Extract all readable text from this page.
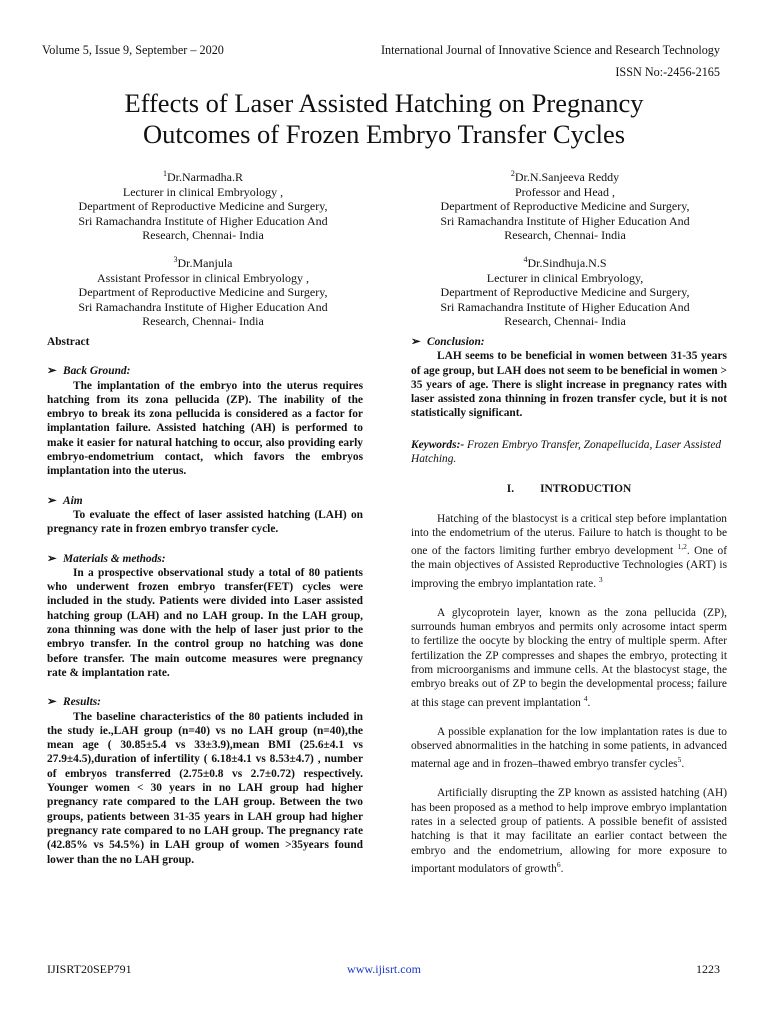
Volume 5, Issue 9, September – 2020	International Journal of Innovative Science and Research Technology
ISSN No:-2456-2165
Effects of Laser Assisted Hatching on Pregnancy
Outcomes of Frozen Embryo Transfer Cycles
$^1$Dr.Narmadha.R
Lecturer in clinical Embryology ,
Department of Reproductive Medicine and Surgery,
Sri Ramachandra Institute of Higher Education And
Research, Chennai- India
$^2$Dr.N.Sanjeeva Reddy
Professor and Head ,
Department of Reproductive Medicine and Surgery,
Sri Ramachandra Institute of Higher Education And
Research, Chennai- India
$^3$Dr.Manjula
Assistant Professor in clinical Embryology ,
Department of Reproductive Medicine and Surgery,
Sri Ramachandra Institute of Higher Education And
Research, Chennai- India
$^4$Dr.Sindhuja.N.S
Lecturer in clinical Embryology,
Department of Reproductive Medicine and Surgery,
Sri Ramachandra Institute of Higher Education And
Research, Chennai- India

Abstract

➢ Back Ground:

The implantation of the embryo into the uterus requires hatching from its zona pellucida (ZP). The inability of the embryo to break its zona pellucida is considered as a factor for implantation failure. Assisted hatching (AH) is performed to make it easier for natural hatching to occur, also providing early embryo-endometrium contact, which favors the embryos implantation into the uterus.

➢ Aim

To evaluate the effect of laser assisted hatching (LAH) on pregnancy rate in frozen embryo transfer cycle.

➢ Materials & methods:

In a prospective observational study a total of 80 patients who underwent frozen embryo transfer(FET) cycles were included in the study. Patients were divided into Laser assisted hatching group (LAH) and no LAH group. In the LAH group, zona thinning was done with the help of laser just prior to the embryo transfer. In the control group no hatching was done before transfer. The main outcome measures were pregnancy rate & implantation rate.

➢ Results:

The baseline characteristics of the 80 patients included in the study ie.,LAH group (n=40) vs no LAH group (n=40),the mean age ( 30.85±5.4 vs 33±3.9),mean BMI (25.6±4.1 vs 27.9±4.5),duration of infertility ( 6.18±4.1 vs 8.53±4.7) , number of embryos transferred (2.75±0.8 vs 2.7±0.72) respectively. Younger women < 30 years in no LAH group had higher pregnancy rate compared to the LAH group. Between the two groups, patients between 31-35 years in LAH group had higher pregnancy rate compared to no LAH group. The pregnancy rate (42.85% vs 54.5%) in LAH group of women >35years found lower than the no LAH group.

➢ Conclusion:

LAH seems to be beneficial in women between 31-35 years of age group, but LAH does not seem to be beneficial in women > 35 years of age. There is slight increase in pregnancy rates with laser assisted zona thinning in frozen transfer cycle, but it is not statistically significant.

Keywords:- Frozen Embryo Transfer, Zonapellucida, Laser Assisted Hatching.

I. INTRODUCTION

Hatching of the blastocyst is a critical step before implantation into the endometrium of the uterus. Failure to hatch is thought to be one of the factors limiting further embryo development $^{1,2}$. One of the main objectives of Assisted Reproductive Technologies (ART) is improving the embryo implantation rate. $^3$

A glycoprotein layer, known as the zona pellucida (ZP), surrounds human embryos and permits only acrosome intact sperm to fertilize the oocyte by blocking the entry of multiple sperm. After fertilization the ZP compresses and shapes the embryo, protecting it from microorganisms and immune cells. At the blastocyst stage, the embryo breaks out of ZP to begin the developmental process; failure at this stage can prevent implantation $^4$.

A possible explanation for the low implantation rates is due to observed abnormalities in the hatching in some patients, in advanced maternal age and in frozen–thawed embryo transfer cycles$^5$.

Artificially disrupting the ZP known as assisted hatching (AH) has been proposed as a method to help improve embryo implantation rates in a selected group of patients. A possible benefit of assisted hatching is that it may facilitate an earlier contact between the embryo and the endometrium, allowing for more exposure to important modulators of growth$^6$.

IJISRT20SEP791	www.ijisrt.com	1223
